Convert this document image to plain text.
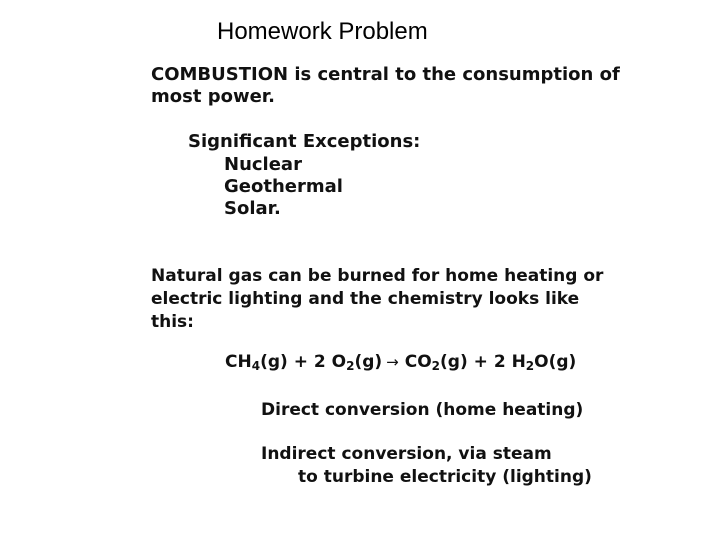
Homework Problem
COMBUSTION is central to the consumption of
most power.
Significant Exceptions:
Nuclear
Geothermal
Solar.
Natural gas can be burned for home heating or
electric lighting and the chemistry looks like
this:
$CH_4(g) + 2$ $O_2(g) \to CO_2(g) + 2$ $H_2O(g)$
Direct conversion (home heating)
Indirect conversion, via steam
to turbine electricity (lighting)
